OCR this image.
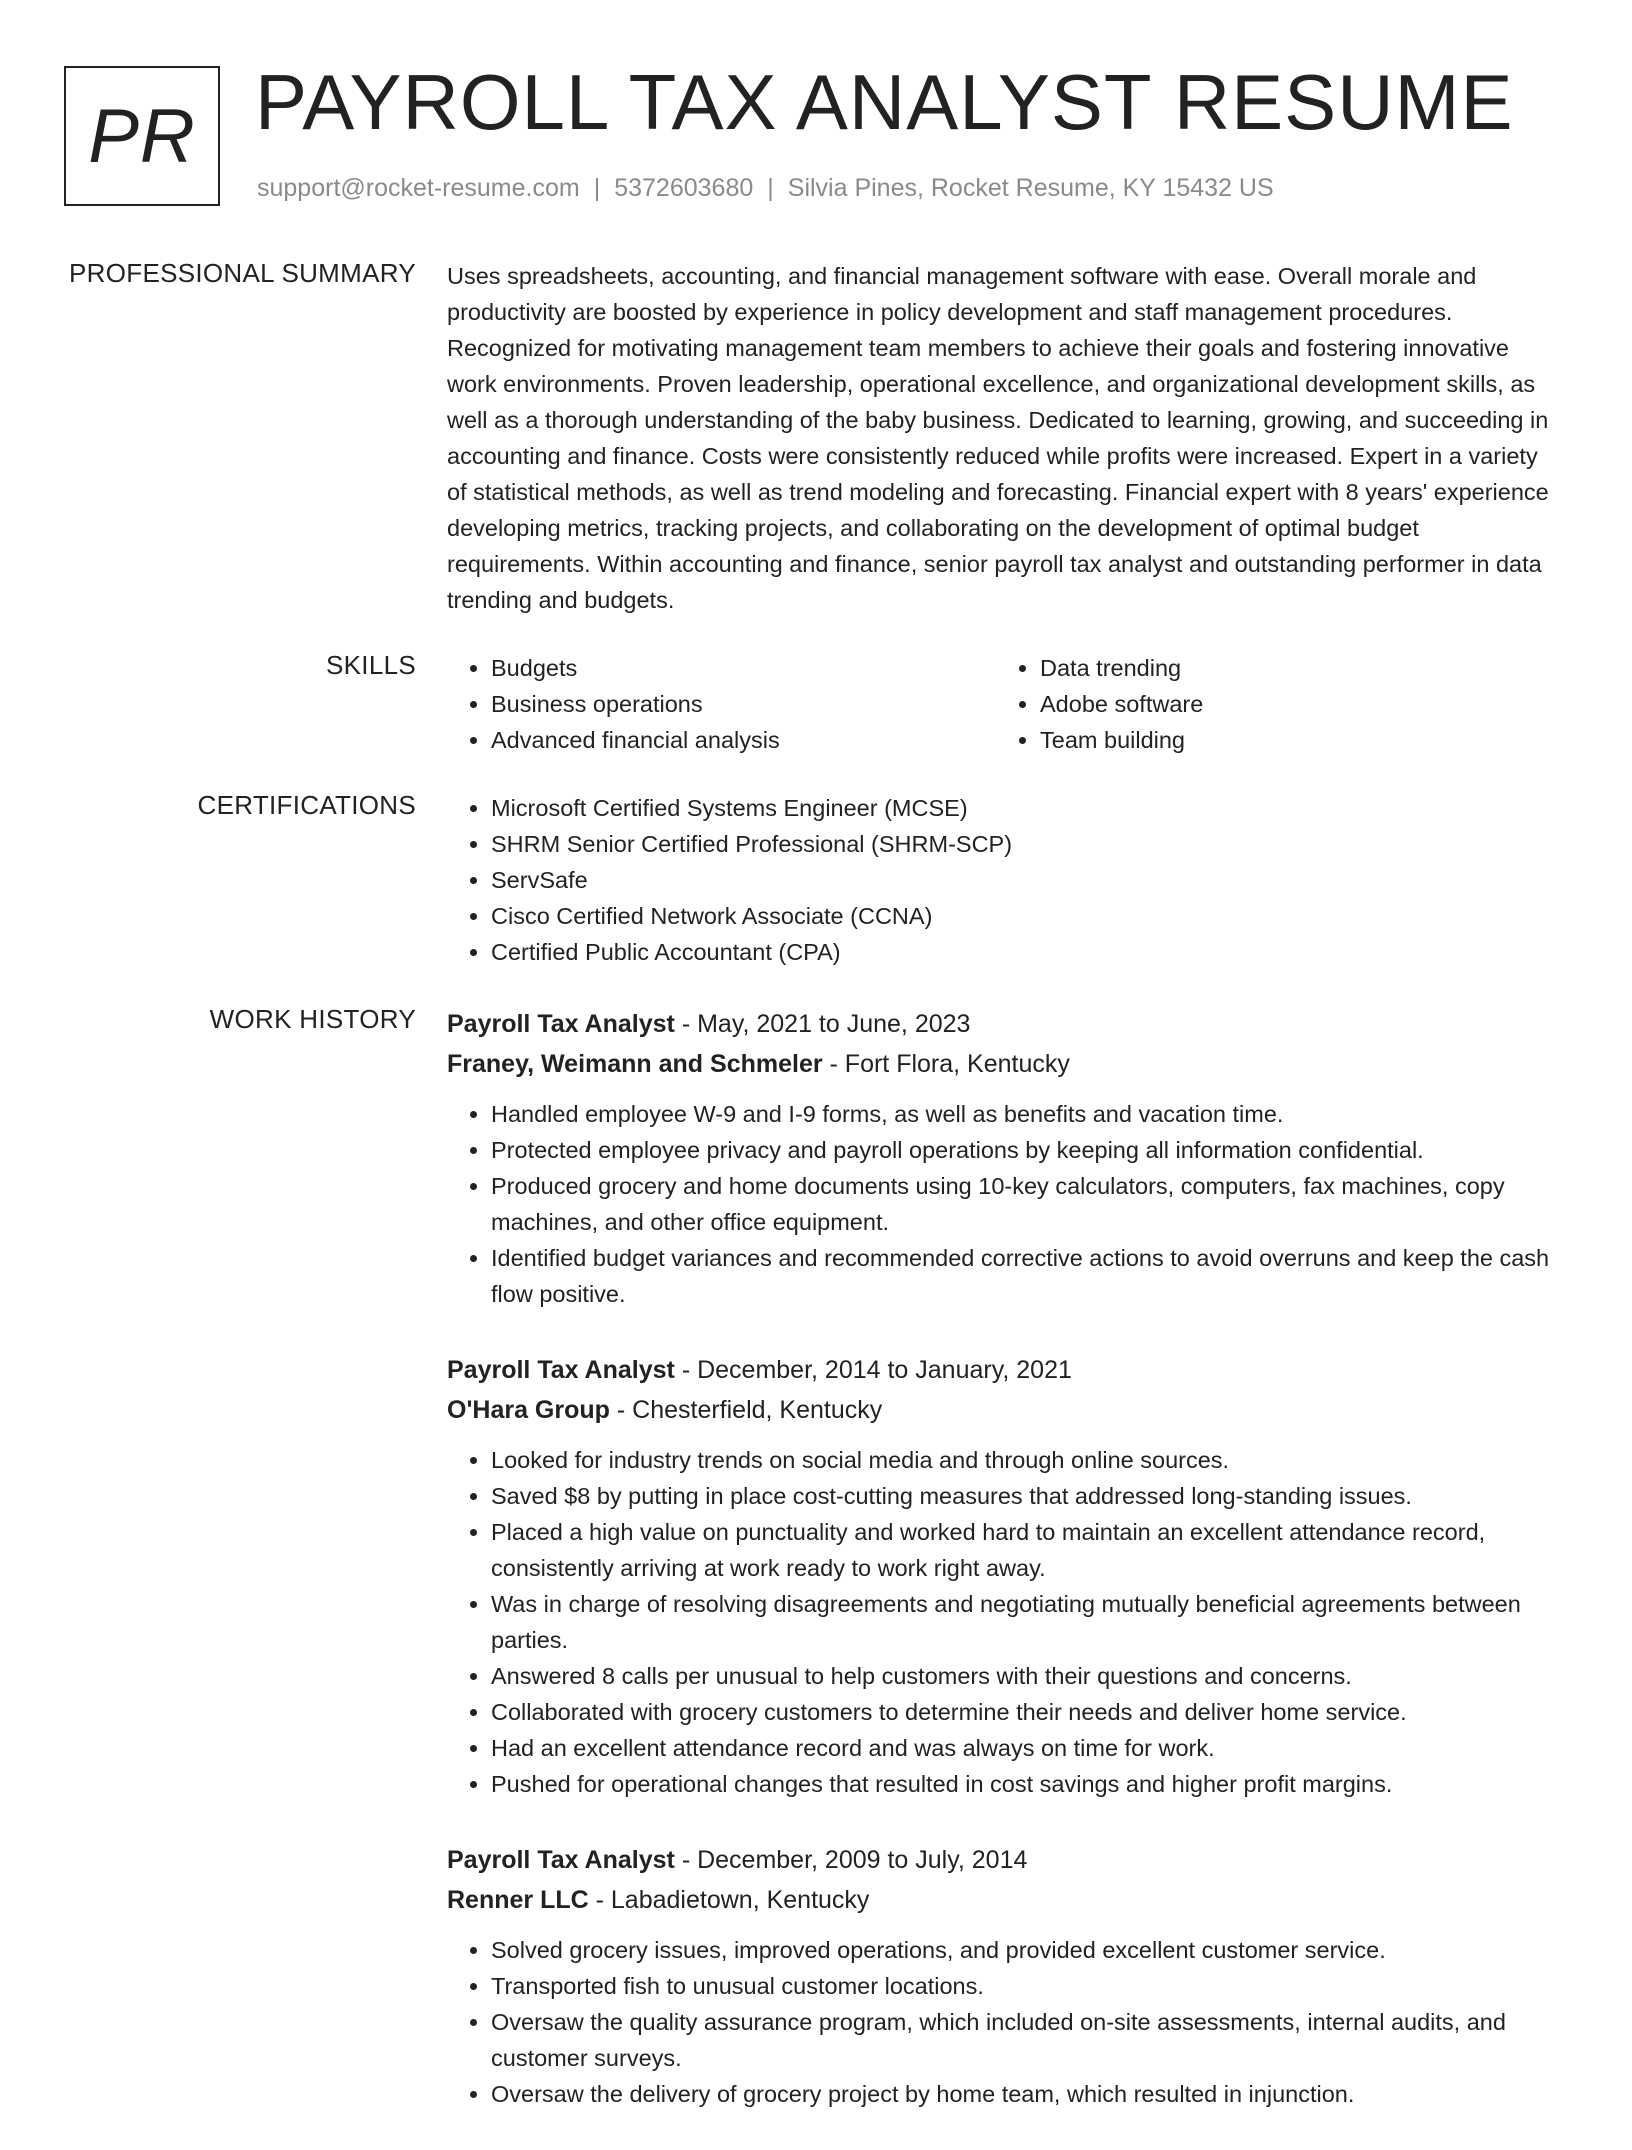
PR PAYROLL TAX ANALYST RESUME
support@rocket-resume.com | 5372603680 | Silvia Pines, Rocket Resume, KY 15432 US
PROFESSIONAL SUMMARY Uses spreadsheets, accounting, and financial management software with ease. Overall morale and productivity are boosted by experience in policy development and staff management procedures. Recognized for motivating management team members to achieve their goals and fostering innovative work environments. Proven leadership, operational excellence, and organizational development skills, as well as a thorough understanding of the baby business. Dedicated to learning, growing, and succeeding in accounting and finance. Costs were consistently reduced while profits were increased. Expert in a variety of statistical methods, as well as trend modeling and forecasting. Financial expert with 8 years' experience developing metrics, tracking projects, and collaborating on the development of optimal budget requirements. Within accounting and finance, senior payroll tax analyst and outstanding performer in data trending and budgets.

SKILLS	• Budgets
• Business operations
• Advanced financial analysis
• Data trending
• Adobe software
• Team building
CERTIFICATIONS	• Microsoft Certified Systems Engineer (MCSE)
• SHRM Senior Certified Professional (SHRM-SCP)
• ServSafe
• Cisco Certified Network Associate (CCNA)
• Certified Public Accountant (CPA)
WORK HISTORY Payroll Tax Analyst - May, 2021 to June, 2023
Franey, Weimann and Schmeler - Fort Flora, Kentucky
• Handled employee W-9 and I-9 forms, as well as benefits and vacation time.
• Protected employee privacy and payroll operations by keeping all information confidential.
• Produced grocery and home documents using 10-key calculators, computers, fax machines, copy machines, and other office equipment.
• Identified budget variances and recommended corrective actions to avoid overruns and keep the cash flow positive.
Payroll Tax Analyst - December, 2014 to January, 2021
O'Hara Group - Chesterfield, Kentucky
• Looked for industry trends on social media and through online sources.
• Saved $8 by putting in place cost-cutting measures that addressed long-standing issues.
• Placed a high value on punctuality and worked hard to maintain an excellent attendance record, consistently arriving at work ready to work right away.
• Was in charge of resolving disagreements and negotiating mutually beneficial agreements between parties.
• Answered 8 calls per unusual to help customers with their questions and concerns.
• Collaborated with grocery customers to determine their needs and deliver home service.
• Had an excellent attendance record and was always on time for work.
• Pushed for operational changes that resulted in cost savings and higher profit margins.
Payroll Tax Analyst - December, 2009 to July, 2014
Renner LLC - Labadietown, Kentucky
• Solved grocery issues, improved operations, and provided excellent customer service.
• Transported fish to unusual customer locations.
• Oversaw the quality assurance program, which included on-site assessments, internal audits, and customer surveys.
• Oversaw the delivery of grocery project by home team, which resulted in injunction.
